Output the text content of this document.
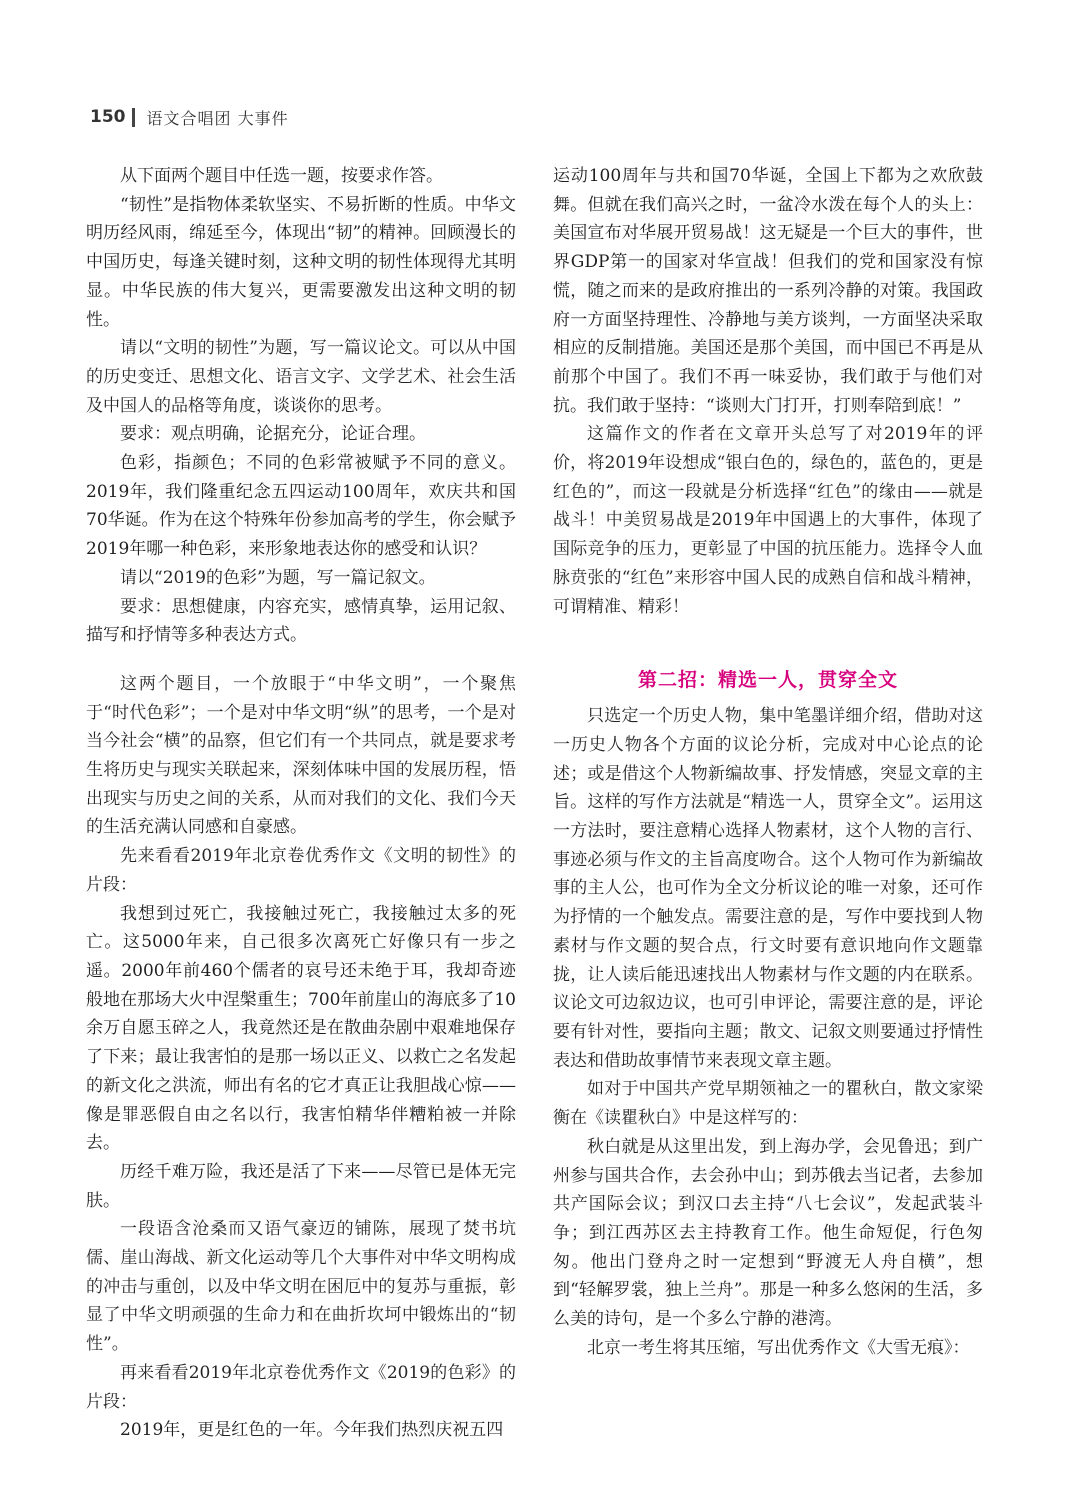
150 语文合唱团 大事件

从下面两个题目中任选一题，按要求作答。

“韧性”是指物体柔软坚实、不易折断的性质。中华文明历经风雨，绵延至今，体现出“韧”的精神。回顾漫长的中国历史，每逢关键时刻，这种文明的韧性体现得尤其明显。中华民族的伟大复兴，更需要激发出这种文明的韧性。

请以“文明的韧性”为题，写一篇议论文。可以从中国的历史变迁、思想文化、语言文字、文学艺术、社会生活及中国人的品格等角度，谈谈你的思考。

要求：观点明确，论据充分，论证合理。

色彩，指颜色；不同的色彩常被赋予不同的意义。2019年，我们隆重纪念五四运动100周年，欢庆共和国70华诞。作为在这个特殊年份参加高考的学生，你会赋予2019年哪一种色彩，来形象地表达你的感受和认识？

请以“2019的色彩”为题，写一篇记叙文。

要求：思想健康，内容充实，感情真挚，运用记叙、描写和抒情等多种表达方式。

这两个题目，一个放眼于“中华文明”，一个聚焦于“时代色彩”；一个是对中华文明“纵”的思考，一个是对当今社会“横”的品察，但它们有一个共同点，就是要求考生将历史与现实关联起来，深刻体味中国的发展历程，悟出现实与历史之间的关系，从而对我们的文化、我们今天的生活充满认同感和自豪感。

先来看看2019年北京卷优秀作文《文明的韧性》的片段：

我想到过死亡，我接触过死亡，我接触过太多的死亡。这5000年来，自己很多次离死亡好像只有一步之遥。2000年前460个儒者的哀号还未绝于耳，我却奇迹般地在那场大火中涅槃重生；700年前崖山的海底多了10余万自愿玉碎之人，我竟然还是在散曲杂剧中艰难地保存了下来；最让我害怕的是那一场以正义、以救亡之名发起的新文化之洪流，师出有名的它才真正让我胆战心惊——像是罪恶假自由之名以行，我害怕精华伴糟粕被一并除去。

历经千难万险，我还是活了下来——尽管已是体无完肤。

一段语含沧桑而又语气豪迈的铺陈，展现了焚书坑儒、崖山海战、新文化运动等几个大事件对中华文明构成的冲击与重创，以及中华文明在困厄中的复苏与重振，彰显了中华文明顽强的生命力和在曲折坎坷中锻炼出的“韧性”。

再来看看2019年北京卷优秀作文《2019的色彩》的片段：

2019年，更是红色的一年。今年我们热烈庆祝五四

运动100周年与共和国70华诞，全国上下都为之欢欣鼓舞。但就在我们高兴之时，一盆冷水泼在每个人的头上：美国宣布对华展开贸易战！这无疑是一个巨大的事件，世界GDP第一的国家对华宣战！但我们的党和国家没有惊慌，随之而来的是政府推出的一系列冷静的对策。我国政府一方面坚持理性、冷静地与美方谈判，一方面坚决采取相应的反制措施。美国还是那个美国，而中国已不再是从前那个中国了。我们不再一味妥协，我们敢于与他们对抗。我们敢于坚持：“谈则大门打开，打则奉陪到底！”

这篇作文的作者在文章开头总写了对2019年的评价，将2019年设想成“银白色的，绿色的，蓝色的，更是红色的”，而这一段就是分析选择“红色”的缘由——就是战斗！中美贸易战是2019年中国遇上的大事件，体现了国际竞争的压力，更彰显了中国的抗压能力。选择令人血脉贲张的“红色”来形容中国人民的成熟自信和战斗精神，可谓精准、精彩！

第二招：精选一人，贯穿全文

只选定一个历史人物，集中笔墨详细介绍，借助对这一历史人物各个方面的议论分析，完成对中心论点的论述；或是借这个人物新编故事、抒发情感，突显文章的主旨。这样的写作方法就是“精选一人，贯穿全文”。运用这一方法时，要注意精心选择人物素材，这个人物的言行、事迹必须与作文的主旨高度吻合。这个人物可作为新编故事的主人公，也可作为全文分析议论的唯一对象，还可作为抒情的一个触发点。需要注意的是，写作中要找到人物素材与作文题的契合点，行文时要有意识地向作文题靠拢，让人读后能迅速找出人物素材与作文题的内在联系。议论文可边叙边议，也可引申评论，需要注意的是，评论要有针对性，要指向主题；散文、记叙文则要通过抒情性表达和借助故事情节来表现文章主题。

如对于中国共产党早期领袖之一的瞿秋白，散文家梁衡在《读瞿秋白》中是这样写的：

秋白就是从这里出发，到上海办学，会见鲁迅；到广州参与国共合作，去会孙中山；到苏俄去当记者，去参加共产国际会议；到汉口去主持“八七会议”，发起武装斗争；到江西苏区去主持教育工作。他生命短促，行色匆匆。他出门登舟之时一定想到“野渡无人舟自横”，想到“轻解罗裳，独上兰舟”。那是一种多么悠闲的生活，多么美的诗句，是一个多么宁静的港湾。

北京一考生将其压缩，写出优秀作文《大雪无痕》：
